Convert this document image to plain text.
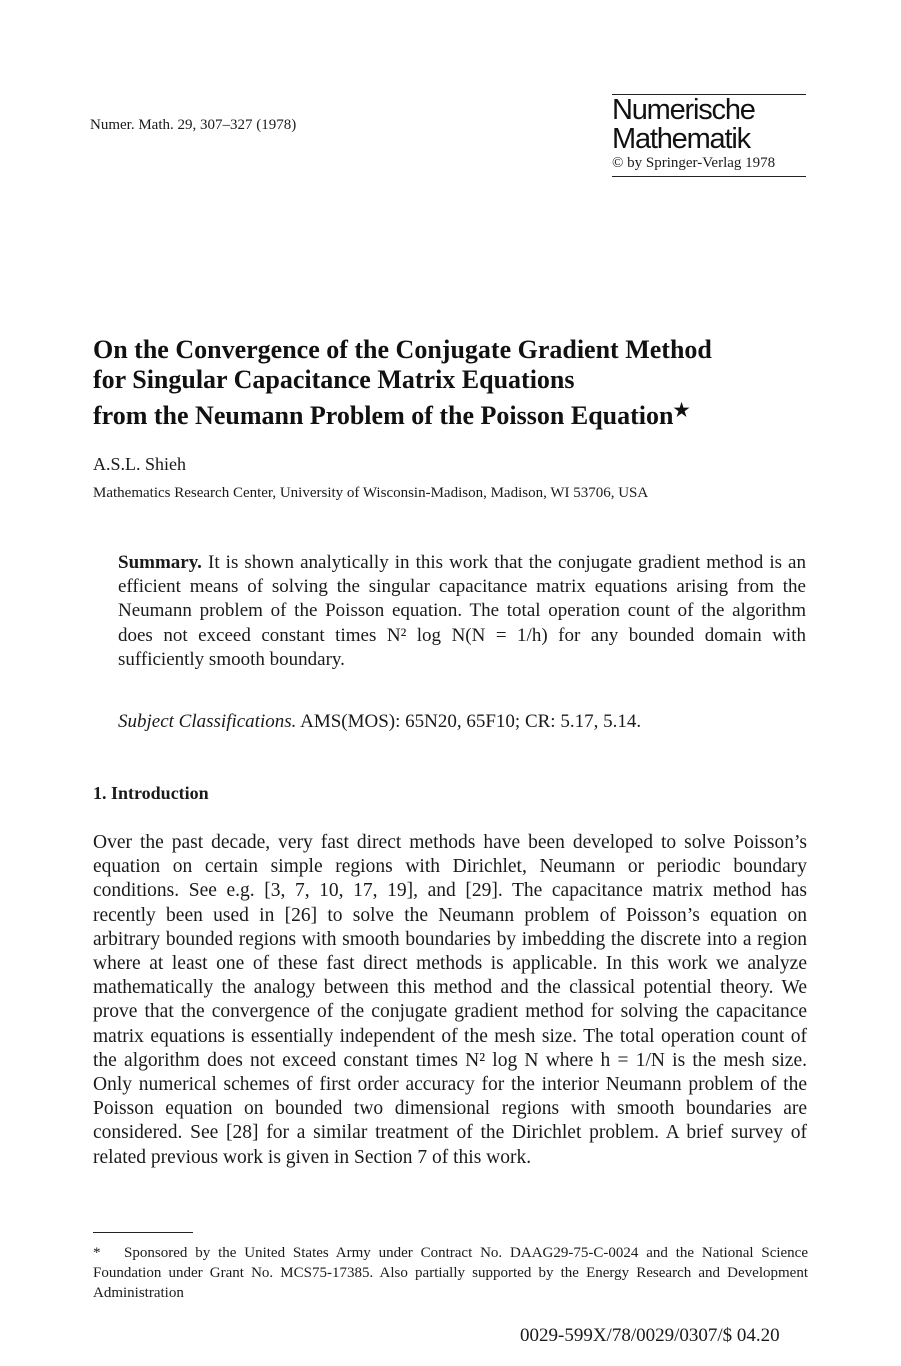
Numer. Math. 29, 307–327 (1978)	Numerische
Mathematik
© by Springer-Verlag 1978
On the Convergence of the Conjugate Gradient Method
for Singular Capacitance Matrix Equations
from the Neumann Problem of the Poisson Equation★
A.S.L. Shieh
Mathematics Research Center, University of Wisconsin-Madison, Madison, WI 53706, USA
Summary. It is shown analytically in this work that the conjugate gradient method is an efficient means of solving the singular capacitance matrix equations arising from the Neumann problem of the Poisson equation. The total operation count of the algorithm does not exceed constant times N² log N(N = 1/h) for any bounded domain with sufficiently smooth boundary.
Subject Classifications. AMS(MOS): 65N20, 65F10; CR: 5.17, 5.14.
1. Introduction
Over the past decade, very fast direct methods have been developed to solve Poisson’s equation on certain simple regions with Dirichlet, Neumann or periodic boundary conditions. See e.g. [3, 7, 10, 17, 19], and [29]. The capacitance matrix method has recently been used in [26] to solve the Neumann problem of Poisson’s equation on arbitrary bounded regions with smooth boundaries by imbedding the discrete into a region where at least one of these fast direct methods is applicable. In this work we analyze mathematically the analogy between this method and the classical potential theory. We prove that the convergence of the conjugate gradient method for solving the capacitance matrix equations is essentially independent of the mesh size. The total operation count of the algorithm does not exceed constant times N² log N where h = 1/N is the mesh size. Only numerical schemes of first order accuracy for the interior Neumann problem of the Poisson equation on bounded two dimensional regions with smooth boundaries are considered. See [28] for a similar treatment of the Dirichlet problem. A brief survey of related previous work is given in Section 7 of this work.
* Sponsored by the United States Army under Contract No. DAAG29-75-C-0024 and the National Science Foundation under Grant No. MCS75-17385. Also partially supported by the Energy Research and Development Administration
0029-599X/78/0029/0307/$ 04.20
